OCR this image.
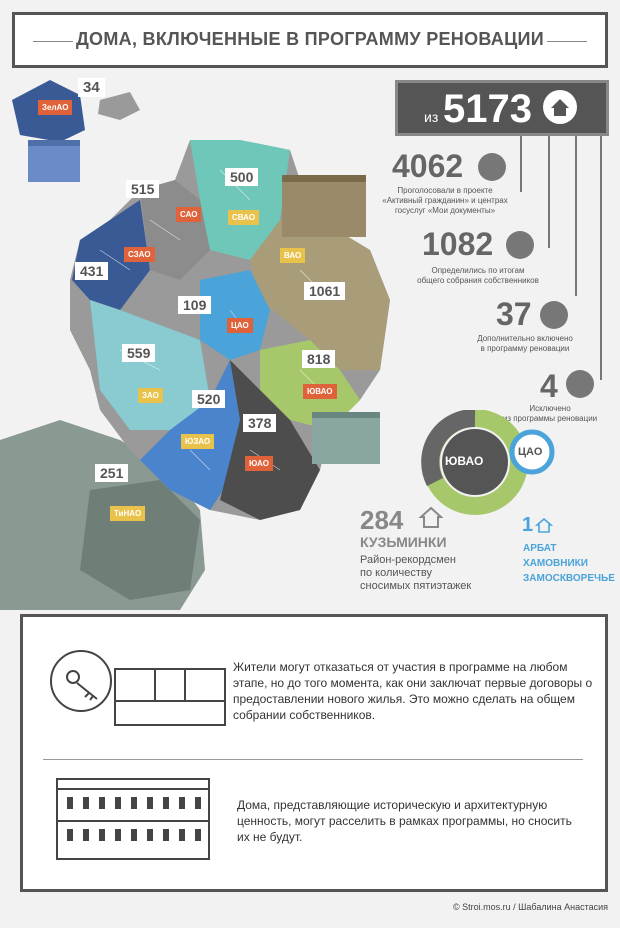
ДОМА, ВКЛЮЧЕННЫЕ В ПРОГРАММУ РЕНОВАЦИИ
34
ЗелАО
515
САО
500
СВАО
431
СЗАО
1061
ВАО
109
ЦАО
559
ЗАО
818
ЮВАО
520
ЮЗАО
378
ЮАО
251
ТиНАО
из 5173
4062
Проголосовали в проекте
«Активный гражданин» и центрах
госуслуг «Мои документы»
1082
Определились по итогам
общего собрания собственников
37
Дополнительно включено
в программу реновации
4
Исключено
из программы реновации
ЮВАО
ЦАО
284
КУЗЬМИНКИ
Район-рекордсмен
по количеству
сносимых пятиэтажек
1
АРБАТ
ХАМОВНИКИ
ЗАМОСКВОРЕЧЬЕ
Жители могут отказаться от участия в программе на любом этапе, но до того момента, как они заключат первые договоры о предоставлении нового жилья. Это можно сделать на общем собрании собственников.
Дома, представляющие историческую и архитектурную ценность, могут расселить в рамках программы, но сносить их не будут.
© Stroi.mos.ru / Шабалина Анастасия
